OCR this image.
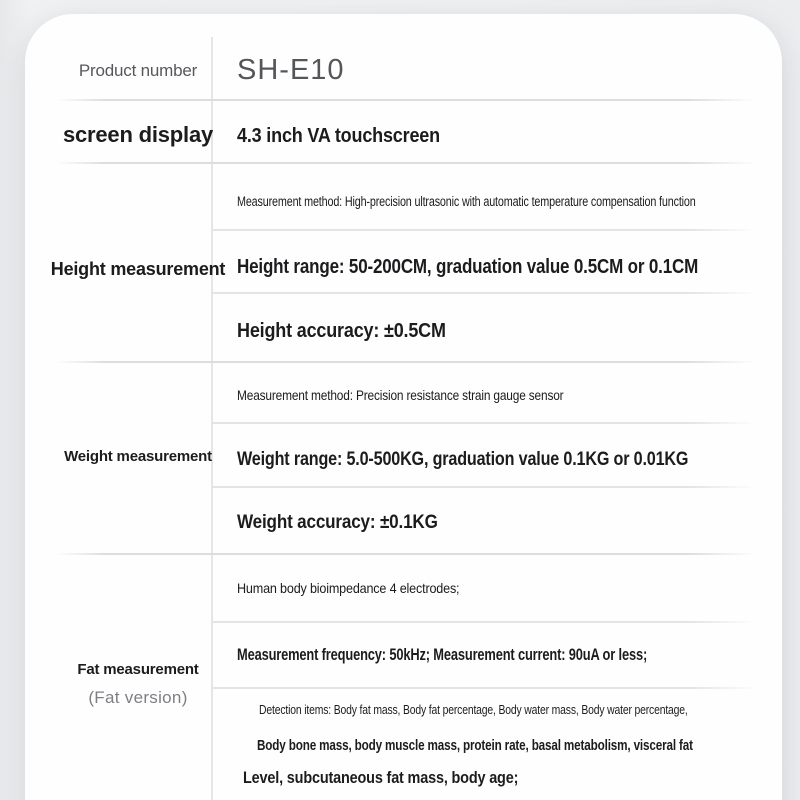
Product number
screen display
Height measurement
Weight measurement
Fat measurement
(Fat version)
SH-E10
4.3 inch VA touchscreen
Measurement method: High-precision ultrasonic with automatic temperature compensation function
Height range: 50-200CM, graduation value 0.5CM or 0.1CM
Height accuracy: ±0.5CM
Measurement method: Precision resistance strain gauge sensor
Weight range: 5.0-500KG, graduation value 0.1KG or 0.01KG
Weight accuracy: ±0.1KG
Human body bioimpedance 4 electrodes;
Measurement frequency: 50kHz; Measurement current: 90uA or less;
Detection items: Body fat mass, Body fat percentage, Body water mass, Body water percentage,
Body bone mass, body muscle mass, protein rate, basal metabolism, visceral fat
Level, subcutaneous fat mass, body age;
